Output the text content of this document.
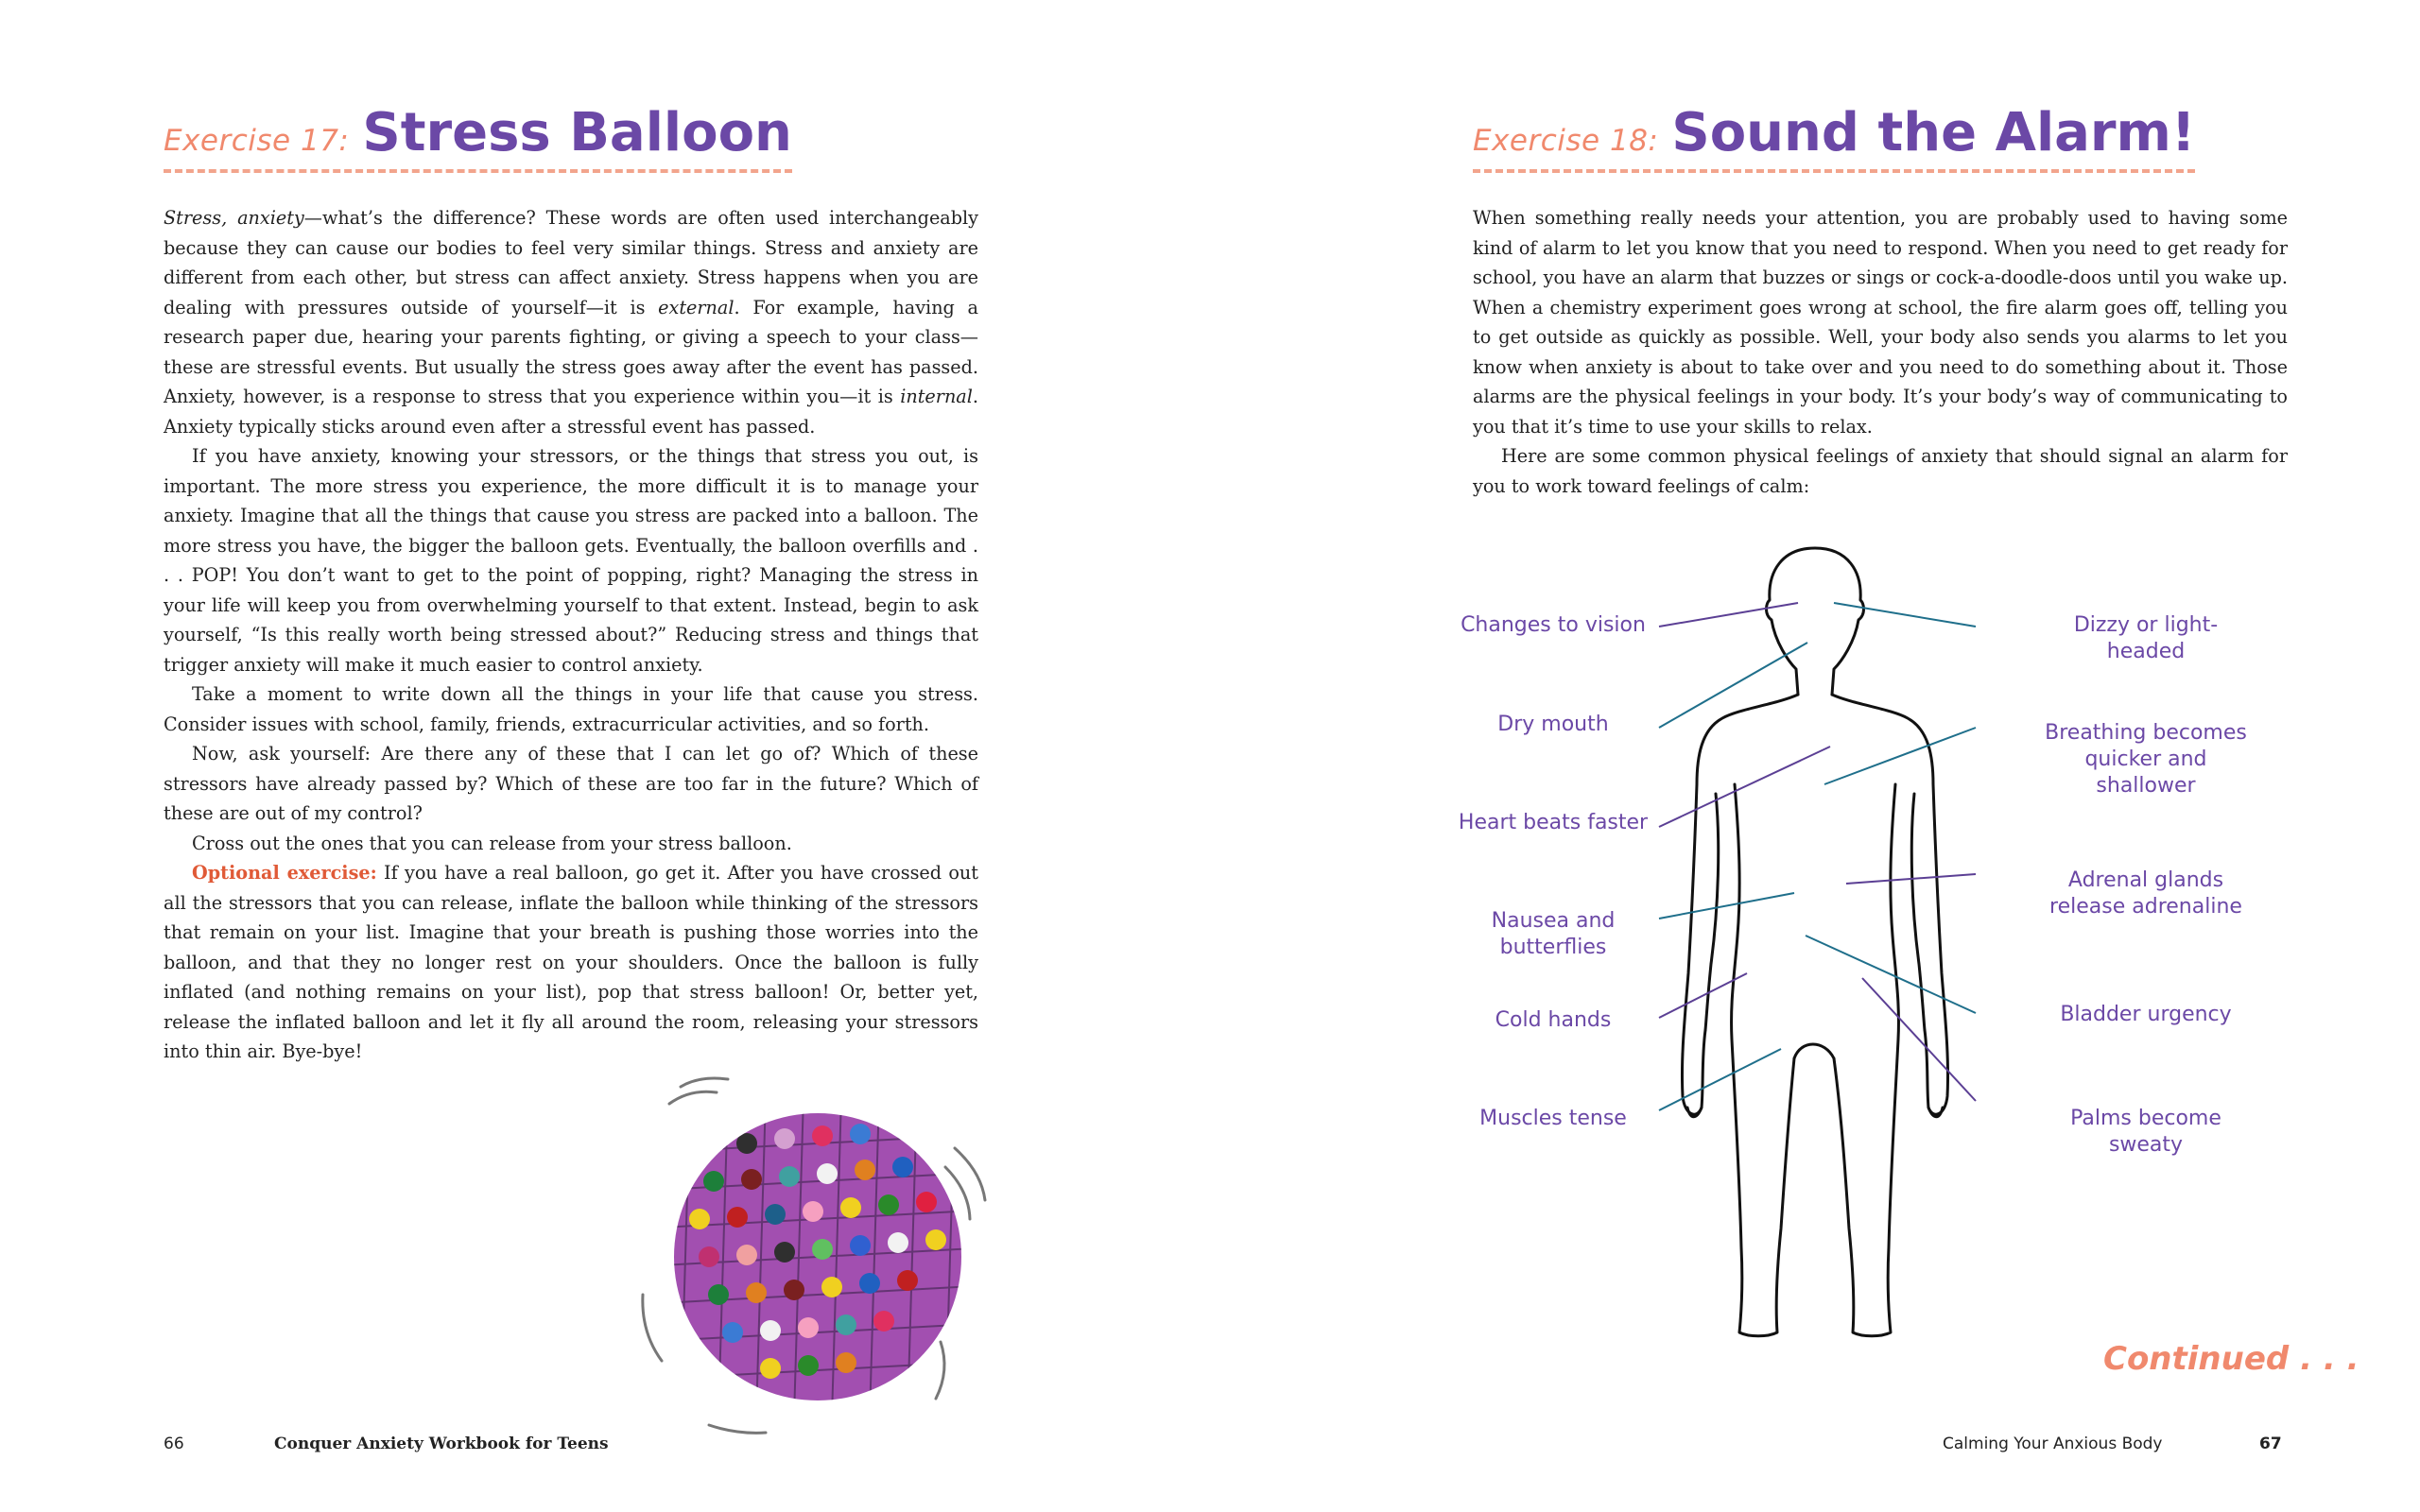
Exercise 17: Stress Balloon

Stress, anxiety—what’s the difference? These words are often used interchangeably because they can cause our bodies to feel very similar things. Stress and anxiety are different from each other, but stress can affect anxiety. Stress happens when you are dealing with pressures outside of yourself—it is external. For example, having a research paper due, hearing your parents fighting, or giving a speech to your class—these are stressful events. But usually the stress goes away after the event has passed. Anxiety, however, is a response to stress that you experience within you—it is internal. Anxiety typically sticks around even after a stressful event has passed.

If you have anxiety, knowing your stressors, or the things that stress you out, is important. The more stress you experience, the more difficult it is to manage your anxiety. Imagine that all the things that cause you stress are packed into a balloon. The more stress you have, the bigger the balloon gets. Eventually, the balloon overfills and . . . POP! You don’t want to get to the point of popping, right? Managing the stress in your life will keep you from overwhelming yourself to that extent. Instead, begin to ask yourself, “Is this really worth being stressed about?” Reducing stress and things that trigger anxiety will make it much easier to control anxiety.

Take a moment to write down all the things in your life that cause you stress. Consider issues with school, family, friends, extracurricular activities, and so forth.

Now, ask yourself: Are there any of these that I can let go of? Which of these stressors have already passed by? Which of these are too far in the future? Which of these are out of my control?

Cross out the ones that you can release from your stress balloon.

Optional exercise: If you have a real balloon, go get it. After you have crossed out all the stressors that you can release, inflate the balloon while thinking of the stressors that remain on your list. Imagine that your breath is pushing those worries into the balloon, and that they no longer rest on your shoulders. Once the balloon is fully inflated (and nothing remains on your list), pop that stress balloon! Or, better yet, release the inflated balloon and let it fly all around the room, releasing your stressors into thin air. Bye-bye!

66	Conquer Anxiety Workbook for Teens
Exercise 18: Sound the Alarm!

When something really needs your attention, you are probably used to having some kind of alarm to let you know that you need to respond. When you need to get ready for school, you have an alarm that buzzes or sings or cock-a-doodle-doos until you wake up. When a chemistry experiment goes wrong at school, the fire alarm goes off, telling you to get outside as quickly as possible. Well, your body also sends you alarms to let you know when anxiety is about to take over and you need to do something about it. Those alarms are the physical feelings in your body. It’s your body’s way of communicating to you that it’s time to use your skills to relax.

Here are some common physical feelings of anxiety that should signal an alarm for you to work toward feelings of calm:

Changes to vision
Dry mouth
Heart beats faster
Nausea and butterflies
Cold hands
Muscles tense
Dizzy or light-headed
Breathing becomes quicker and shallower
Adrenal glands release adrenaline
Bladder urgency
Palms become sweaty
Continued . . .
Calming Your Anxious Body	67
